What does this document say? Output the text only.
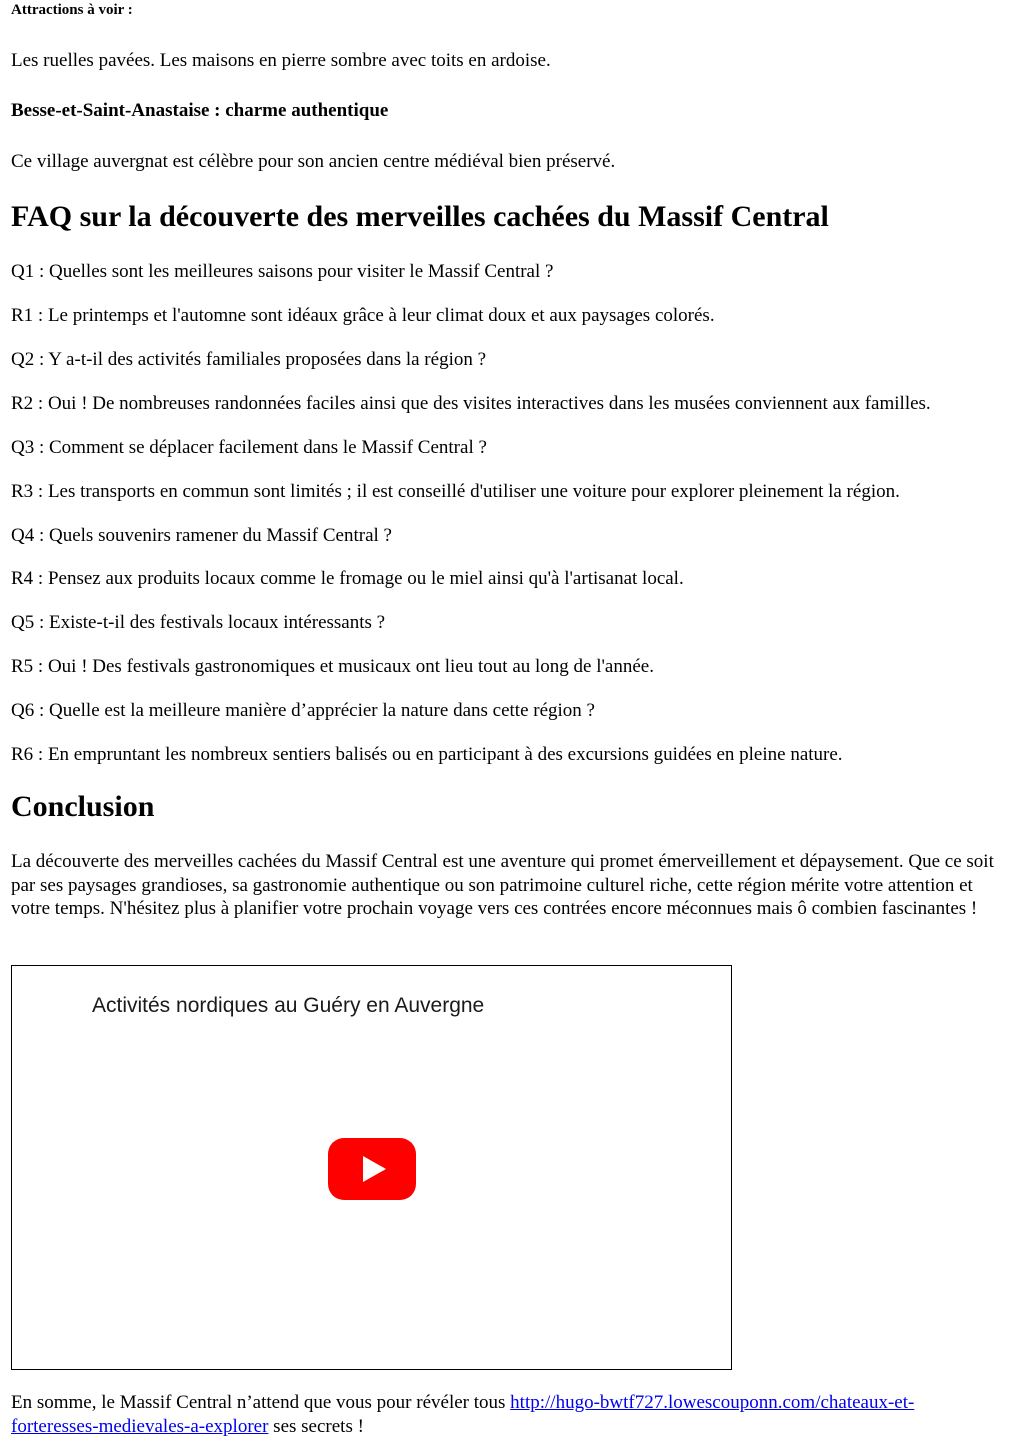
Attractions à voir :
Les ruelles pavées. Les maisons en pierre sombre avec toits en ardoise.
Besse-et-Saint-Anastaise : charme authentique
Ce village auvergnat est célèbre pour son ancien centre médiéval bien préservé.
FAQ sur la découverte des merveilles cachées du Massif Central
Q1 : Quelles sont les meilleures saisons pour visiter le Massif Central ?
R1 : Le printemps et l'automne sont idéaux grâce à leur climat doux et aux paysages colorés.
Q2 : Y a-t-il des activités familiales proposées dans la région ?
R2 : Oui ! De nombreuses randonnées faciles ainsi que des visites interactives dans les musées conviennent aux familles.
Q3 : Comment se déplacer facilement dans le Massif Central ?
R3 : Les transports en commun sont limités ; il est conseillé d'utiliser une voiture pour explorer pleinement la région.
Q4 : Quels souvenirs ramener du Massif Central ?
R4 : Pensez aux produits locaux comme le fromage ou le miel ainsi qu'à l'artisanat local.
Q5 : Existe-t-il des festivals locaux intéressants ?
R5 : Oui ! Des festivals gastronomiques et musicaux ont lieu tout au long de l'année.
Q6 : Quelle est la meilleure manière d’apprécier la nature dans cette région ?
R6 : En empruntant les nombreux sentiers balisés ou en participant à des excursions guidées en pleine nature.
Conclusion
La découverte des merveilles cachées du Massif Central est une aventure qui promet émerveillement et dépaysement. Que ce soit par ses paysages grandioses, sa gastronomie authentique ou son patrimoine culturel riche, cette région mérite votre attention et votre temps. N'hésitez plus à planifier votre prochain voyage vers ces contrées encore méconnues mais ô combien fascinantes !
Activités nordiques au Guéry en Auvergne
En somme, le Massif Central n’attend que vous pour révéler tous http://hugo-bwtf727.lowescouponn.com/chateaux-et-forteresses-medievales-a-explorer ses secrets !
